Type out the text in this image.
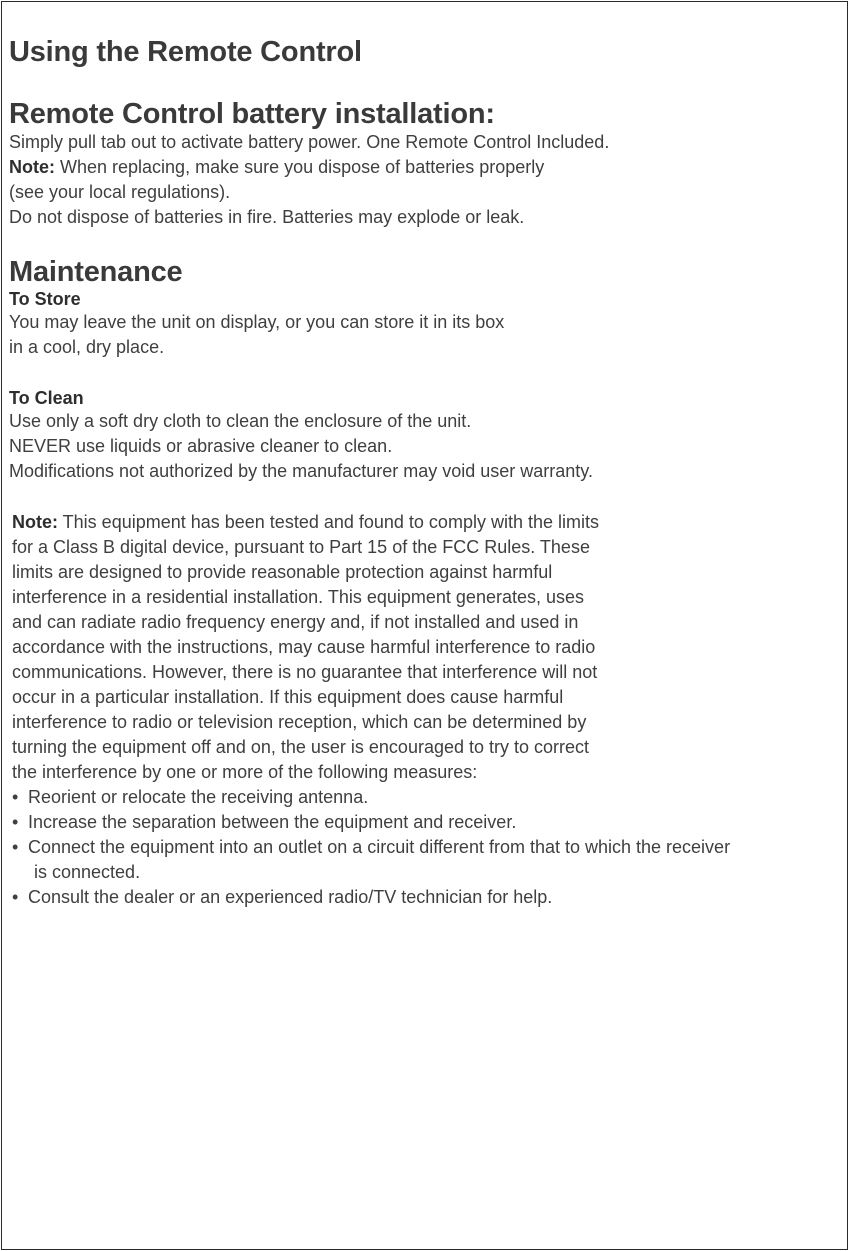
Using the Remote Control
Remote Control battery installation:

Simply pull tab out to activate battery power. One Remote Control Included.

Note: When replacing, make sure you dispose of batteries properly

(see your local regulations).

Do not dispose of batteries in fire. Batteries may explode or leak.

Maintenance
To Store

You may leave the unit on display, or you can store it in its box

in a cool, dry place.

To Clean

Use only a soft dry cloth to clean the enclosure of the unit.

NEVER use liquids or abrasive cleaner to clean.

Modifications not authorized by the manufacturer may void user warranty.

Note: This equipment has been tested and found to comply with the limits

for a Class B digital device, pursuant to Part 15 of the FCC Rules. These

limits are designed to provide reasonable protection against harmful

interference in a residential installation. This equipment generates, uses

and can radiate radio frequency energy and, if not installed and used in

accordance with the instructions, may cause harmful interference to radio

communications. However, there is no guarantee that interference will not

occur in a particular installation. If this equipment does cause harmful

interference to radio or television reception, which can be determined by

turning the equipment off and on, the user is encouraged to try to correct

the interference by one or more of the following measures:

• Reorient or relocate the receiving antenna.
• Increase the separation between the equipment and receiver.
• Connect the equipment into an outlet on a circuit different from that to which the receiver
is connected.
• Consult the dealer or an experienced radio/TV technician for help.
